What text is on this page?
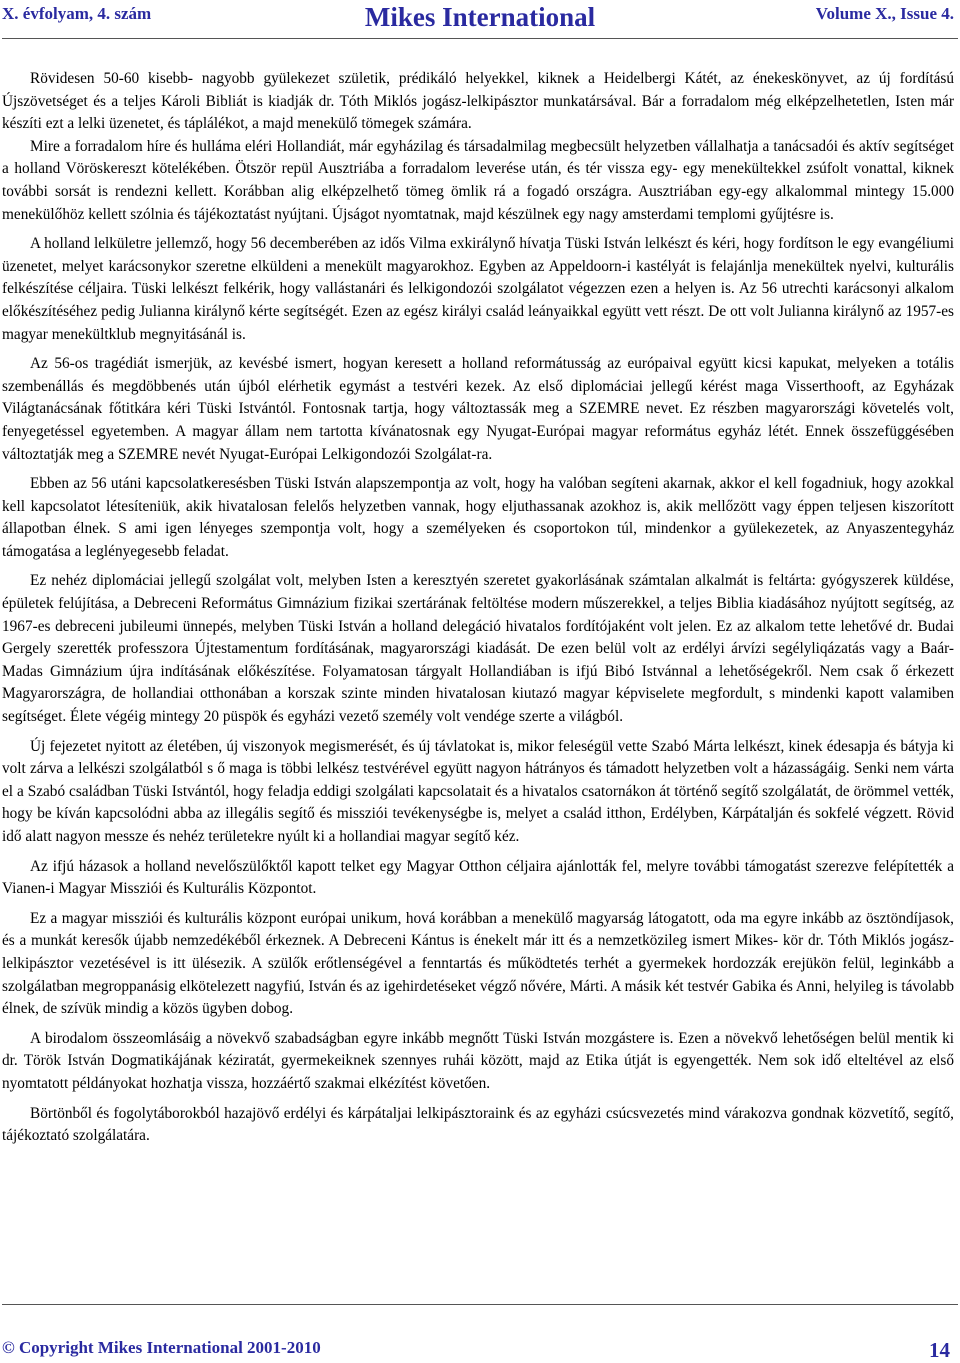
X. évfolyam, 4. szám	Mikes International	Volume X., Issue 4.

Rövidesen 50-60 kisebb- nagyobb gyülekezet születik, prédikáló helyekkel, kiknek a Heidelbergi Kátét, az énekeskönyvet, az új fordítású Újszövetséget és a teljes Károli Bibliát is kiadják dr. Tóth Miklós jogász-lelkipásztor munkatársával. Bár a forradalom még elképzelhetetlen, Isten már készíti ezt a lelki üzenetet, és táplálékot, a majd menekülő tömegek számára.

Mire a forradalom híre és hulláma eléri Hollandiát, már egyházilag és társadalmilag megbecsült helyzetben vállalhatja a tanácsadói és aktív segítséget a holland Vöröskereszt kötelékében. Ötször repül Ausztriába a forradalom leverése után, és tér vissza egy- egy menekültekkel zsúfolt vonattal, kiknek további sorsát is rendezni kellett. Korábban alig elképzelhető tömeg ömlik rá a fogadó országra. Ausztriában egy-egy alkalommal mintegy 15.000 menekülőhöz kellett szólnia és tájékoztatást nyújtani. Újságot nyomtatnak, majd készülnek egy nagy amsterdami templomi gyűjtésre is.

A holland lelkületre jellemző, hogy 56 decemberében az idős Vilma exkirálynő hívatja Tüski István lelkészt és kéri, hogy fordítson le egy evangéliumi üzenetet, melyet karácsonykor szeretne elküldeni a menekült magyarokhoz. Egyben az Appeldoorn-i kastélyát is felajánlja menekültek nyelvi, kulturális felkészítése céljaira. Tüski lelkészt felkérik, hogy vallástanári és lelkigondozói szolgálatot végezzen ezen a helyen is. Az 56 utrechti karácsonyi alkalom előkészítéséhez pedig Julianna királynő kérte segítségét. Ezen az egész királyi család leányaikkal együtt vett részt. De ott volt Julianna királynő az 1957-es magyar menekültklub megnyitásánál is.

Az 56-os tragédiát ismerjük, az kevésbé ismert, hogyan keresett a holland reformátusság az európaival együtt kicsi kapukat, melyeken a totális szembenállás és megdöbbenés után újból elérhetik egymást a testvéri kezek. Az első diplomáciai jellegű kérést maga Visserthooft, az Egyházak Világtanácsának főtitkára kéri Tüski Istvántól. Fontosnak tartja, hogy változtassák meg a SZEMRE nevet. Ez részben magyarországi követelés volt, fenyegetéssel egyetemben. A magyar állam nem tartotta kívánatosnak egy Nyugat-Európai magyar református egyház létét. Ennek összefüggésében változtatják meg a SZEMRE nevét Nyugat-Európai Lelkigondozói Szolgálat-ra.

Ebben az 56 utáni kapcsolatkeresésben Tüski István alapszempontja az volt, hogy ha valóban segíteni akarnak, akkor el kell fogadniuk, hogy azokkal kell kapcsolatot létesíteniük, akik hivatalosan felelős helyzetben vannak, hogy eljuthassanak azokhoz is, akik mellőzött vagy éppen teljesen kiszorított állapotban élnek. S ami igen lényeges szempontja volt, hogy a személyeken és csoportokon túl, mindenkor a gyülekezetek, az Anyaszentegyház támogatása a leglényegesebb feladat.

Ez nehéz diplomáciai jellegű szolgálat volt, melyben Isten a keresztyén szeretet gyakorlásának számtalan alkalmát is feltárta: gyógyszerek küldése, épületek felújítása, a Debreceni Református Gimnázium fizikai szertárának feltöltése modern műszerekkel, a teljes Biblia kiadásához nyújtott segítség, az 1967-es debreceni jubileumi ünnepés, melyben Tüski István a holland delegáció hivatalos fordítójaként volt jelen. Ez az alkalom tette lehetővé dr. Budai Gergely szerették professzora Újtestamentum fordításának, magyarországi kiadását. De ezen belül volt az erdélyi árvízi segélyliqázatás vagy a Baár- Madas Gimnázium újra indításának előkészítése. Folyamatosan tárgyalt Hollandiában is ifjú Bibó Istvánnal a lehetőségekről. Nem csak ő érkezett Magyarországra, de hollandiai otthonában a korszak szinte minden hivatalosan kiutazó magyar képviselete megfordult, s mindenki kapott valamiben segítséget. Élete végéig mintegy 20 püspök és egyházi vezető személy volt vendége szerte a világból.

Új fejezetet nyitott az életében, új viszonyok megismerését, és új távlatokat is, mikor feleségül vette Szabó Márta lelkészt, kinek édesapja és bátyja ki volt zárva a lelkészi szolgálatból s ő maga is többi lelkész testvérével együtt nagyon hátrányos és támadott helyzetben volt a házasságáig. Senki nem várta el a Szabó családban Tüski Istvántól, hogy feladja eddigi szolgálati kapcsolatait és a hivatalos csatornákon át történő segítő szolgálatát, de örömmel vették, hogy be kíván kapcsolódni abba az illegális segítő és missziói tevékenységbe is, melyet a család itthon, Erdélyben, Kárpátalján és sokfelé végzett. Rövid idő alatt nagyon messze és nehéz területekre nyúlt ki a hollandiai magyar segítő kéz.

Az ifjú házasok a holland nevelőszülőktől kapott telket egy Magyar Otthon céljaira ajánlották fel, melyre további támogatást szerezve felépítették a Vianen-i Magyar Missziói és Kulturális Központot.

Ez a magyar missziói és kulturális központ európai unikum, hová korábban a menekülő magyarság látogatott, oda ma egyre inkább az ösztöndíjasok, és a munkát keresők újabb nemzedékéből érkeznek. A Debreceni Kántus is énekelt már itt és a nemzetközileg ismert Mikes- kör dr. Tóth Miklós jogász-lelkipásztor vezetésével is itt ülésezik. A szülők erőtlenségével a fenntartás és működtetés terhét a gyermekek hordozzák erejükön felül, leginkább a szolgálatban megroppanásig elkötelezett nagyfiú, István és az igehirdetéseket végző nővére, Márti. A másik két testvér Gabika és Anni, helyileg is távolabb élnek, de szívük mindig a közös ügyben dobog.

A birodalom összeomlásáig a növekvő szabadságban egyre inkább megnőtt Tüski István mozgástere is. Ezen a növekvő lehetőségen belül mentik ki dr. Török István Dogmatikájának kéziratát, gyermekeiknek szennyes ruhái között, majd az Etika útját is egyengették. Nem sok idő elteltével az első nyomtatott példányokat hozhatja vissza, hozzáértő szakmai elkézítést követően.

Börtönből és fogolytáborokból hazajövő erdélyi és kárpátaljai lelkipásztoraink és az egyházi csúcsvezetés mind várakozva gondnak közvetítő, segítő, tájékoztató szolgálatára.

© Copyright Mikes International 2001-2010	14
